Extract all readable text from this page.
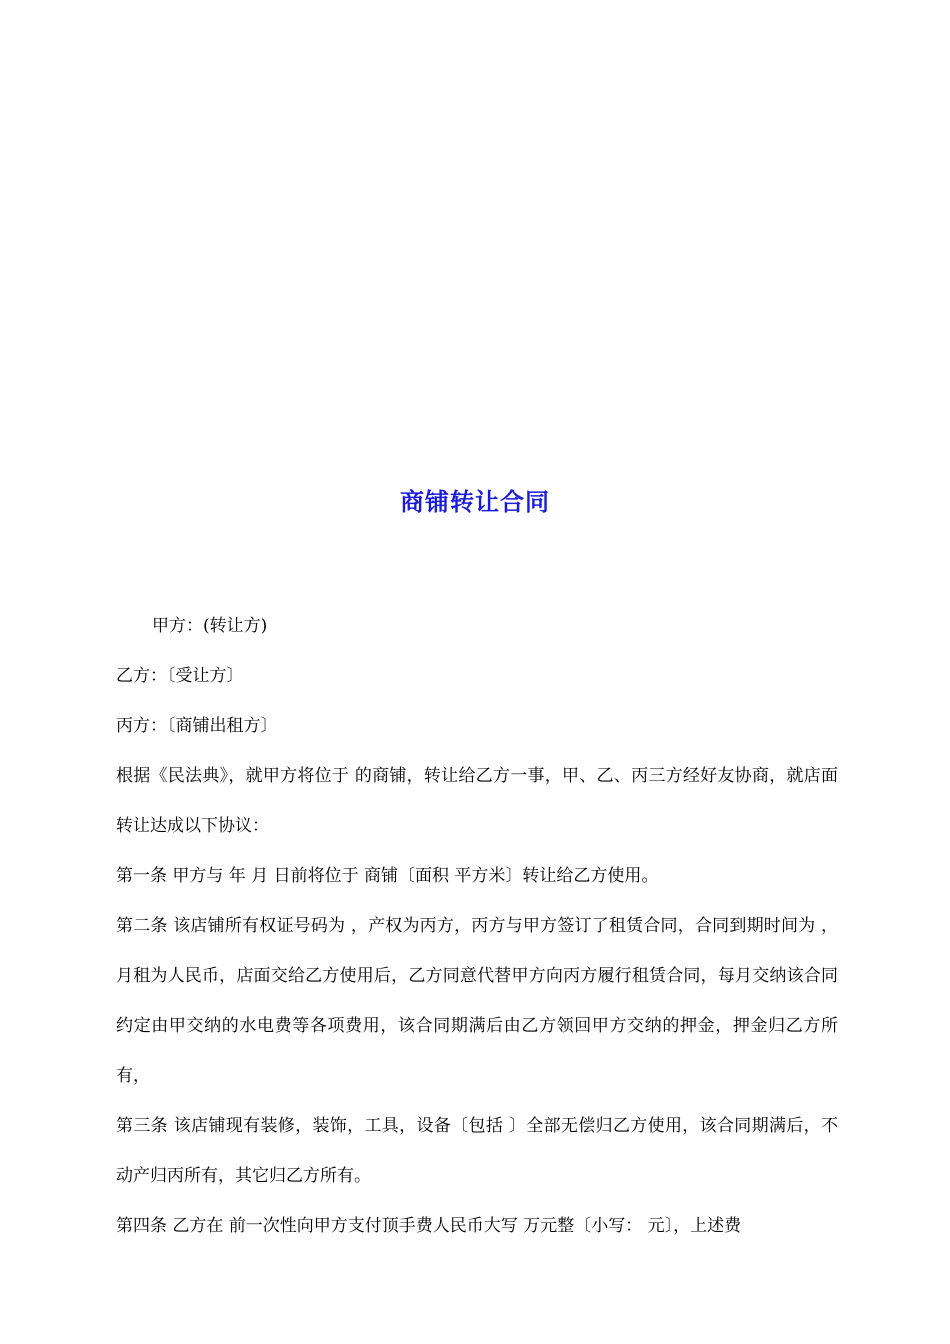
商铺转让合同

甲方：(转让方)

乙方：〔受让方〕

丙方：〔商铺出租方〕

根据《民法典》，就甲方将位于 的商铺，转让给乙方一事，甲、乙、丙三方经好友协商，就店面转让达成以下协议：

第一条 甲方与 年 月 日前将位于 商铺〔面积 平方米〕转让给乙方使用。

第二条 该店铺所有权证号码为 ，产权为丙方，丙方与甲方签订了租赁合同，合同到期时间为 ，月租为人民币，店面交给乙方使用后，乙方同意代替甲方向丙方履行租赁合同，每月交纳该合同约定由甲交纳的水电费等各项费用，该合同期满后由乙方领回甲方交纳的押金，押金归乙方所有，

第三条 该店铺现有装修，装饰，工具，设备〔包括 〕全部无偿归乙方使用，该合同期满后，不动产归丙所有，其它归乙方所有。

第四条 乙方在 前一次性向甲方支付顶手费人民币大写 万元整〔小写： 元〕，上述费
